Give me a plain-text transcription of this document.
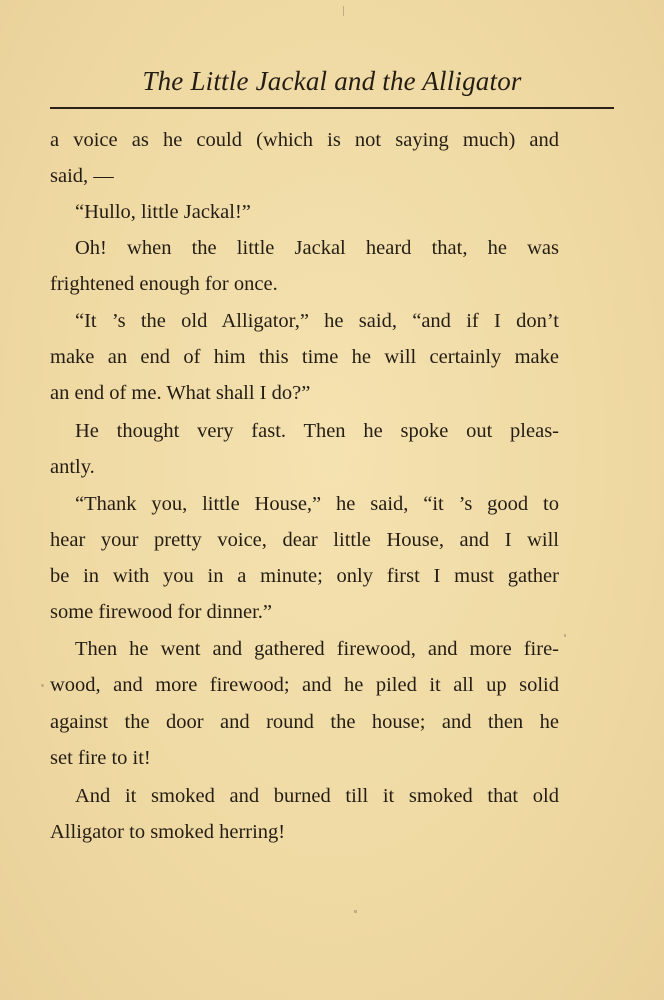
The Little Jackal and the Alligator
a voice as he could (which is not saying much) and
said, —
“Hullo, little Jackal!”
Oh! when the little Jackal heard that, he was
frightened enough for once.
“It ’s the old Alligator,” he said, “and if I don’t
make an end of him this time he will certainly make
an end of me. What shall I do?”
He thought very fast. Then he spoke out pleas-
antly.
“Thank you, little House,” he said, “it ’s good to
hear your pretty voice, dear little House, and I will
be in with you in a minute; only first I must gather
some firewood for dinner.”
Then he went and gathered firewood, and more fire-
wood, and more firewood; and he piled it all up solid
against the door and round the house; and then he
set fire to it!
And it smoked and burned till it smoked that old
Alligator to smoked herring!
